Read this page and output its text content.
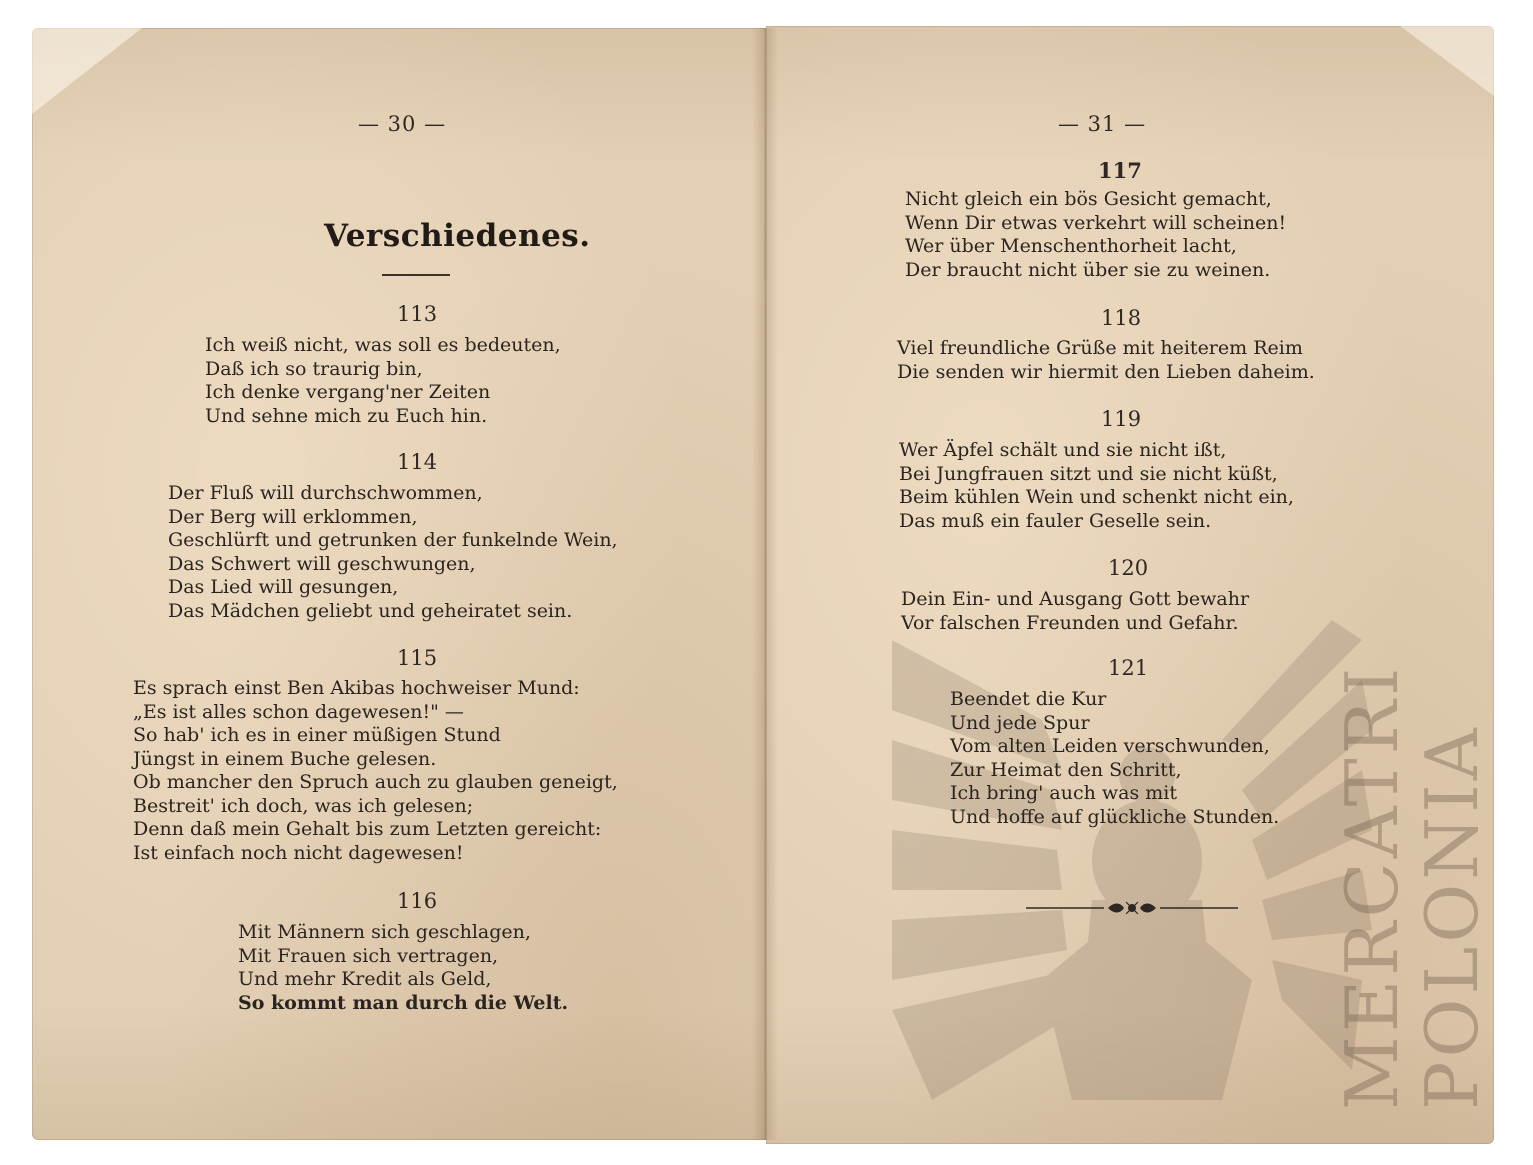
MERCATRI
POLONIA
— 30 —
Verschiedenes.
113
Ich weiß nicht, was soll es bedeuten,
Daß ich so traurig bin,
Ich denke vergang'ner Zeiten
Und sehne mich zu Euch hin.
114
Der Fluß will durchschwommen,
Der Berg will erklommen,
Geschlürft und getrunken der funkelnde Wein,
Das Schwert will geschwungen,
Das Lied will gesungen,
Das Mädchen geliebt und geheiratet sein.
115
Es sprach einst Ben Akibas hochweiser Mund:
„Es ist alles schon dagewesen!" —
So hab' ich es in einer müßigen Stund
Jüngst in einem Buche gelesen.
Ob mancher den Spruch auch zu glauben geneigt,
Bestreit' ich doch, was ich gelesen;
Denn daß mein Gehalt bis zum Letzten gereicht:
Ist einfach noch nicht dagewesen!
116
Mit Männern sich geschlagen,
Mit Frauen sich vertragen,
Und mehr Kredit als Geld,
So kommt man durch die Welt.
— 31 —
117
Nicht gleich ein bös Gesicht gemacht,
Wenn Dir etwas verkehrt will scheinen!
Wer über Menschenthorheit lacht,
Der braucht nicht über sie zu weinen.
118
Viel freundliche Grüße mit heiterem Reim
Die senden wir hiermit den Lieben daheim.
119
Wer Äpfel schält und sie nicht ißt,
Bei Jungfrauen sitzt und sie nicht küßt,
Beim kühlen Wein und schenkt nicht ein,
Das muß ein fauler Geselle sein.
120
Dein Ein- und Ausgang Gott bewahr
Vor falschen Freunden und Gefahr.
121
Beendet die Kur
Und jede Spur
Vom alten Leiden verschwunden,
Zur Heimat den Schritt,
Ich bring' auch was mit
Und hoffe auf glückliche Stunden.
